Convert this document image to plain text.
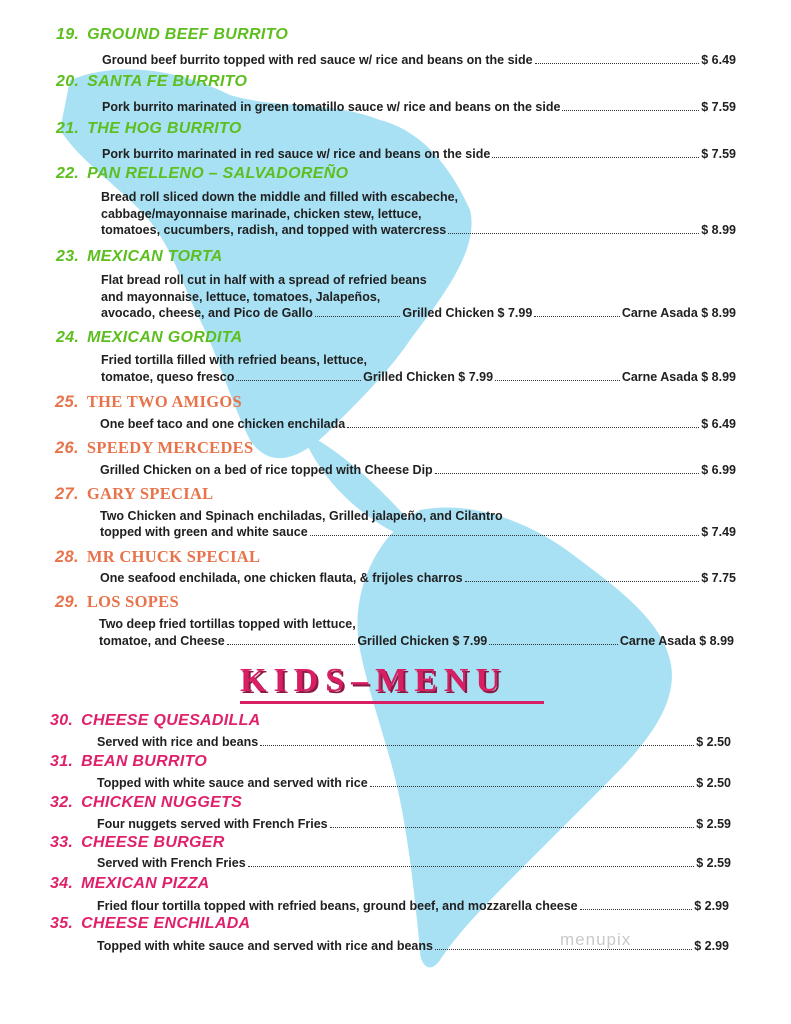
19. GROUND BEEF BURRITO
Ground beef burrito topped with red sauce w/ rice and beans on the side	$ 6.49
20. SANTA FE BURRITO
Pork burrito marinated in green tomatillo sauce w/ rice and beans on the side	$ 7.59
21. THE HOG BURRITO
Pork burrito marinated in red sauce w/ rice and beans on the side	$ 7.59
22. PAN RELLENO – SALVADOREÑO
Bread roll sliced down the middle and filled with escabeche,
cabbage/mayonnaise marinade, chicken stew, lettuce,
tomatoes, cucumbers, radish, and topped with watercress	$ 8.99
23. MEXICAN TORTA
Flat bread roll cut in half with a spread of refried beans
and mayonnaise, lettuce, tomatoes, Jalapeños,
avocado, cheese, and Pico de Gallo	Grilled Chicken $ 7.99	Carne Asada $ 8.99
24. MEXICAN GORDITA
Fried tortilla filled with refried beans, lettuce,
tomatoe, queso fresco	Grilled Chicken $ 7.99	Carne Asada $ 8.99
25. THE TWO AMIGOS
One beef taco and one chicken enchilada	$ 6.49
26. SPEEDY MERCEDES
Grilled Chicken on a bed of rice topped with Cheese Dip	$ 6.99
27. GARY SPECIAL
Two Chicken and Spinach enchiladas, Grilled jalapeño, and Cilantro
topped with green and white sauce	$ 7.49
28. MR CHUCK SPECIAL
One seafood enchilada, one chicken flauta, & frijoles charros	$ 7.75
29. LOS SOPES
Two deep fried tortillas topped with lettuce,
tomatoe, and Cheese	Grilled Chicken $ 7.99	Carne Asada $ 8.99
KIDS–MENU
30. CHEESE QUESADILLA
Served with rice and beans	$ 2.50
31. BEAN BURRITO
Topped with white sauce and served with rice	$ 2.50
32. CHICKEN NUGGETS
Four nuggets served with French Fries	$ 2.59
33. CHEESE BURGER
Served with French Fries	$ 2.59
34. MEXICAN PIZZA
Fried flour tortilla topped with refried beans, ground beef, and mozzarella cheese	$ 2.99
35. CHEESE ENCHILADA
Topped with white sauce and served with rice and beans	$ 2.99
menupix
